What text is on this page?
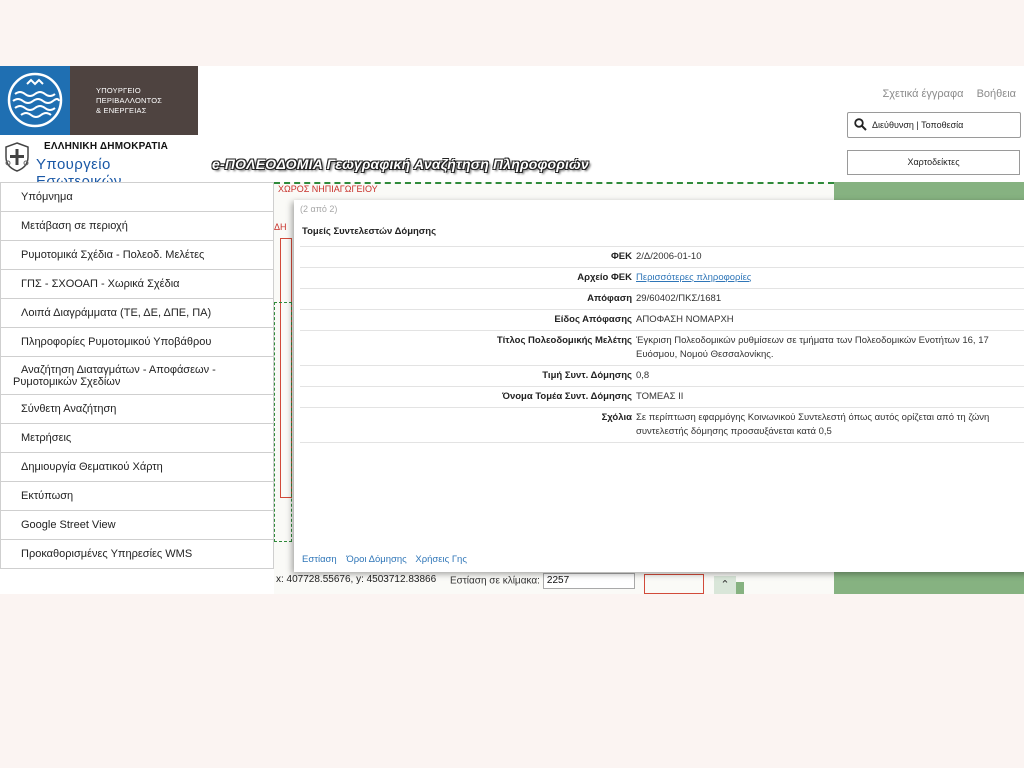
ΥΠΟΥΡΓΕΙΟ
ΠΕΡΙΒΑΛΛΟΝΤΟΣ
& ΕΝΕΡΓΕΙΑΣ
ΕΛΛΗΝΙΚΗ ΔΗΜΟΚΡΑΤΙΑ
Υπουργείο	e-ΠΟΛΕΟΔΟΜΙΑ Γεωγραφική Αναζήτηση Πληροφοριών
Σχετικά έγγραφα Βοήθεια
Διεύθυνση | Τοποθεσία
Χαρτοδείκτες
Υπόμνημα
Μετάβαση σε περιοχή
Ρυμοτομικά Σχέδια - Πολεοδ. Μελέτες
ΓΠΣ - ΣΧΟΟΑΠ - Χωρικά Σχέδια
Λοιπά Διαγράμματα (ΤΕ, ΔΕ, ΔΠΕ, ΠΑ)
Πληροφορίες Ρυμοτομικού Υποβάθρου
Αναζήτηση Διαταγμάτων - Αποφάσεων - Ρυμοτομικών Σχεδίων
Σύνθετη Αναζήτηση
Μετρήσεις
Δημιουργία Θεματικού Χάρτη
Εκτύπωση
Google Street View
Προκαθορισμένες Υπηρεσίες WMS
ΧΩΡΟΣ ΝΗΠΙΑΓΩΓΕΙΟΥ
ΔΗ
x: 407728.55676, y: 4503712.83866 Εστίαση σε κλίμακα: 2257	⌃
(2 από 2)
Τομείς Συντελεστών Δόμησης
ΦΕΚ 2/Δ/2006-01-10
Αρχείο ΦΕΚ Περισσότερες πληροφορίες
Απόφαση 29/60402/ΠΚΣ/1681
Είδος Απόφασης ΑΠΟΦΑΣΗ ΝΟΜΑΡΧΗ
Τίτλος Πολεοδομικής Μελέτης Έγκριση Πολεοδομικών ρυθμίσεων σε τμήματα των Πολεοδομικών Ενοτήτων 16, 17 Ευόσμου, Νομού Θεσσαλονίκης.
Τιμή Συντ. Δόμησης 0,8
Όνομα Τομέα Συντ. Δόμησης ΤΟΜΕΑΣ ΙΙ
Σχόλια Σε περίπτωση εφαρμόγης Κοινωνικού Συντελεστή όπως αυτός ορίζεται από τη ζώνη συντελεστής δόμησης προσαυξάνεται κατά 0,5
Εστίαση Όροι Δόμησης Χρήσεις Γης
